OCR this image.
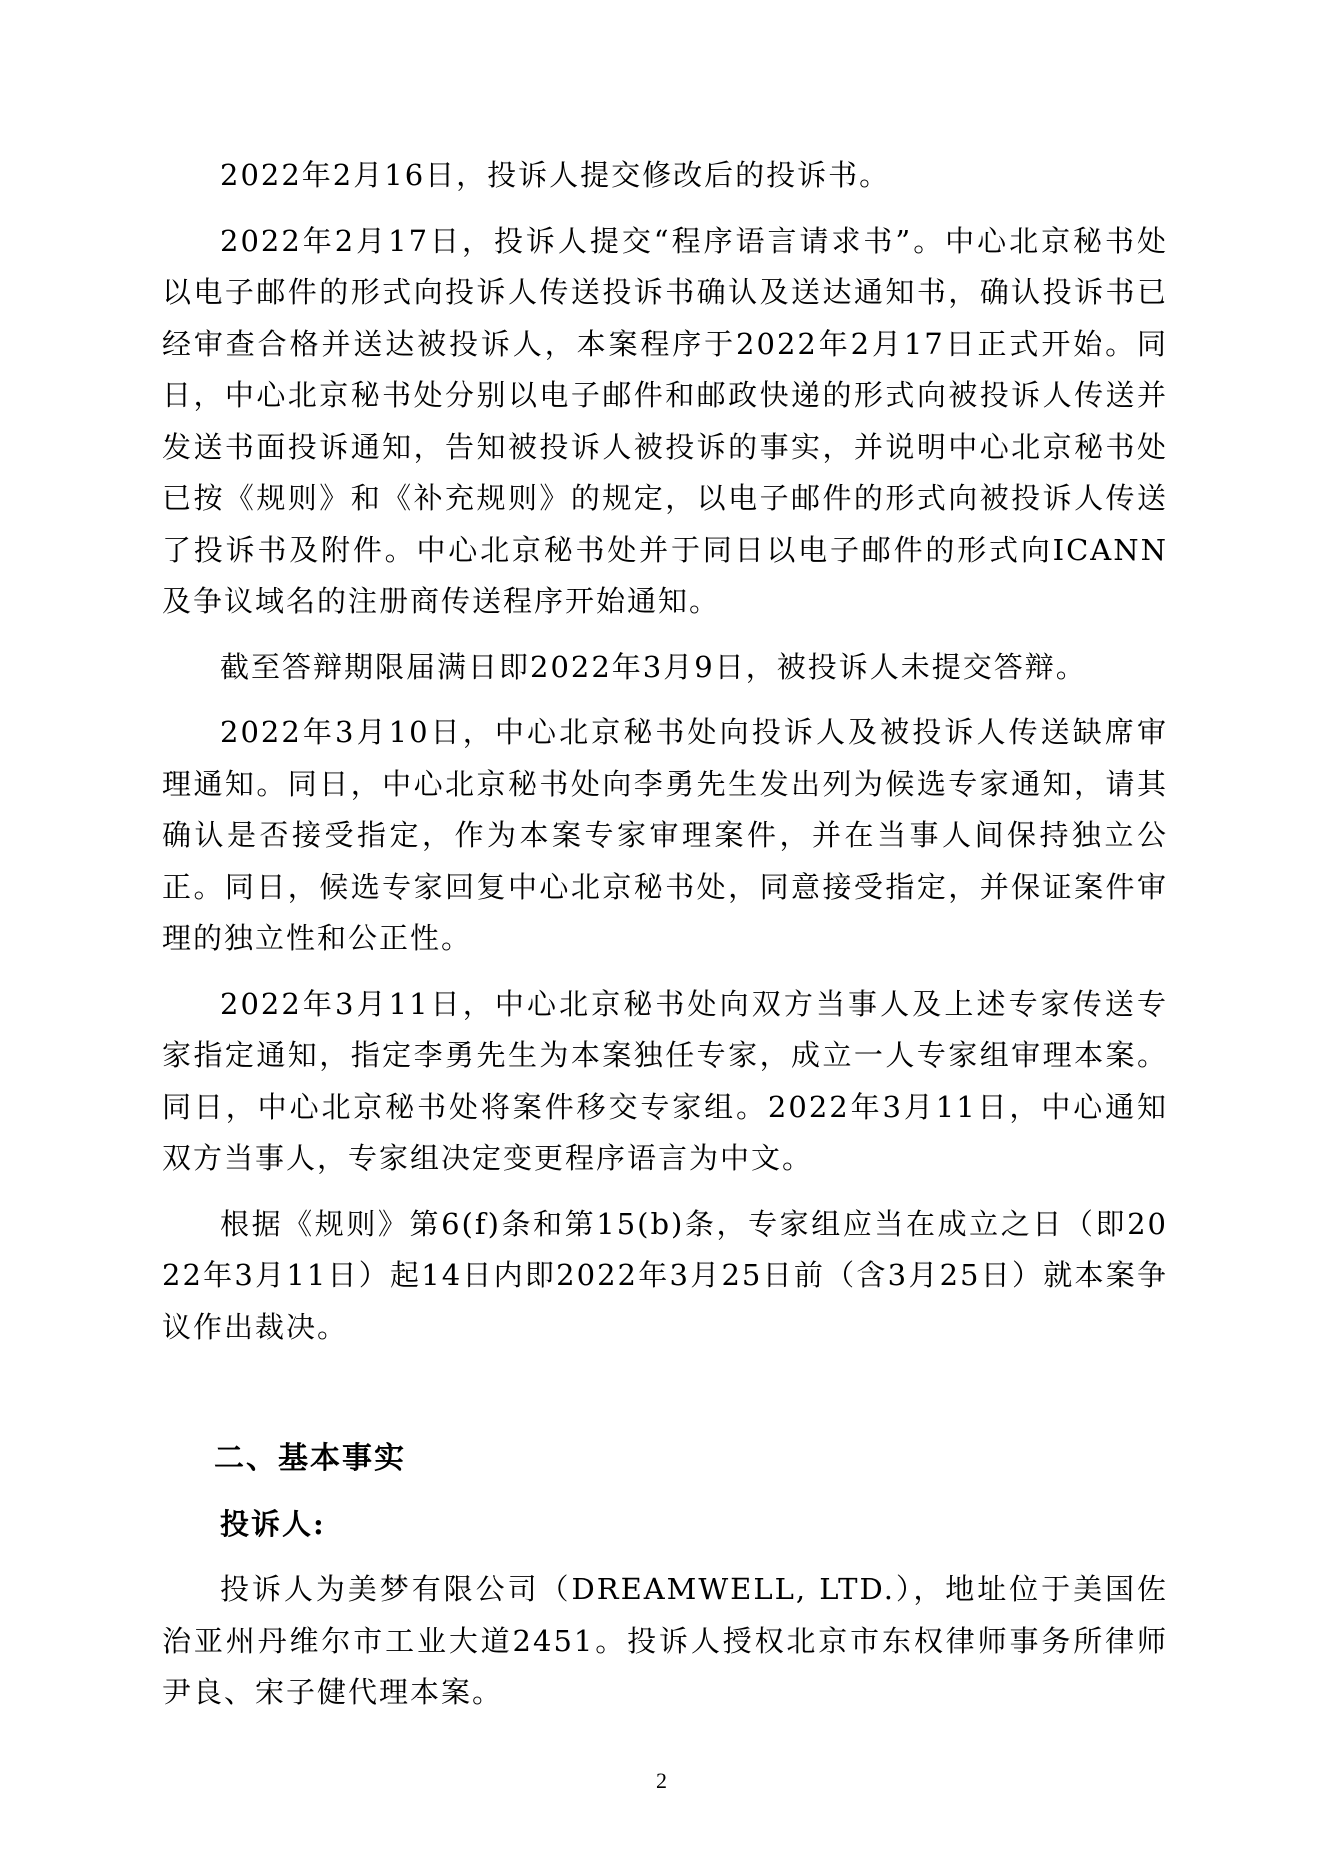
2022年2月16日，投诉人提交修改后的投诉书。

2022年2月17日，投诉人提交“程序语言请求书”。中心北京秘书处以电子邮件的形式向投诉人传送投诉书确认及送达通知书，确认投诉书已经审查合格并送达被投诉人，本案程序于2022年2月17日正式开始。同日，中心北京秘书处分别以电子邮件和邮政快递的形式向被投诉人传送并发送书面投诉通知，告知被投诉人被投诉的事实，并说明中心北京秘书处已按《规则》和《补充规则》的规定，以电子邮件的形式向被投诉人传送了投诉书及附件。中心北京秘书处并于同日以电子邮件的形式向ICANN及争议域名的注册商传送程序开始通知。

截至答辩期限届满日即2022年3月9日，被投诉人未提交答辩。

2022年3月10日，中心北京秘书处向投诉人及被投诉人传送缺席审理通知。同日，中心北京秘书处向李勇先生发出列为候选专家通知，请其确认是否接受指定，作为本案专家审理案件，并在当事人间保持独立公正。同日，候选专家回复中心北京秘书处，同意接受指定，并保证案件审理的独立性和公正性。

2022年3月11日，中心北京秘书处向双方当事人及上述专家传送专家指定通知，指定李勇先生为本案独任专家，成立一人专家组审理本案。同日，中心北京秘书处将案件移交专家组。2022年3月11日，中心通知双方当事人，专家组决定变更程序语言为中文。

根据《规则》第6(f)条和第15(b)条，专家组应当在成立之日（即2022年3月11日）起14日内即2022年3月25日前（含3月25日）就本案争议作出裁决。

二、基本事实
投诉人:

投诉人为美梦有限公司（DREAMWELL, LTD.），地址位于美国佐治亚州丹维尔市工业大道2451。投诉人授权北京市东权律师事务所律师尹良、宋子健代理本案。

2
